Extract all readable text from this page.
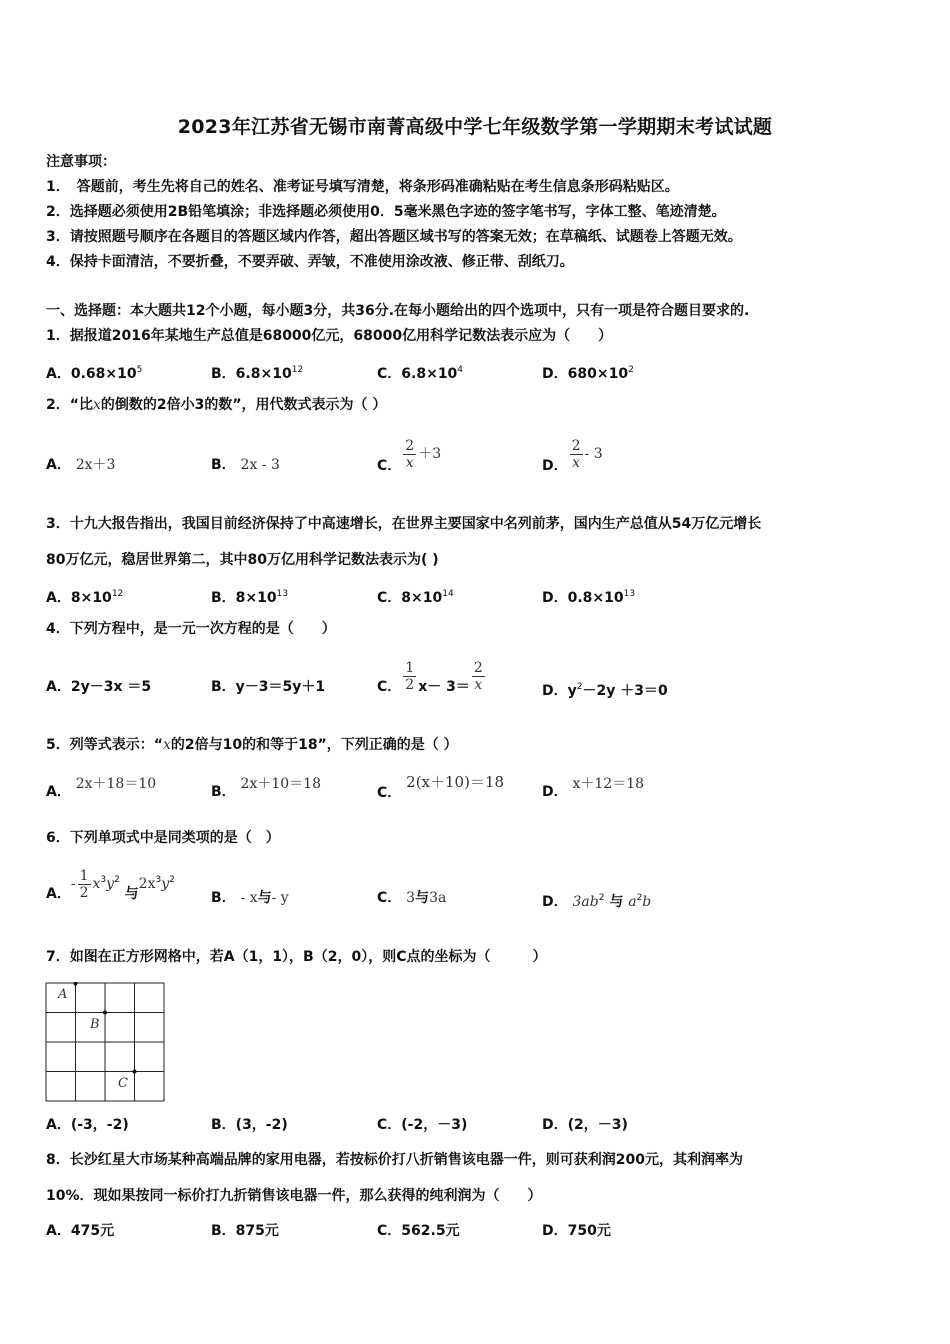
2023年江苏省无锡市南菁高级中学七年级数学第一学期期末考试试题
注意事项：
1．　答题前，考生先将自己的姓名、准考证号填写清楚，将条形码准确粘贴在考生信息条形码粘贴区。
2．选择题必须使用2B铅笔填涂；非选择题必须使用0．5毫米黑色字迹的签字笔书写，字体工整、笔迹清楚。
3．请按照题号顺序在各题目的答题区域内作答，超出答题区域书写的答案无效；在草稿纸、试题卷上答题无效。
4．保持卡面清洁，不要折叠，不要弄破、弄皱，不准使用涂改液、修正带、刮纸刀。
一、选择题：本大题共12个小题，每小题3分，共36分.在每小题给出的四个选项中，只有一项是符合题目要求的.
1．据报道2016年某地生产总值是68000亿元，68000亿用科学记数法表示应为（　　）
A．$0.68\times 10^5$	B．$6.8\times 10^{12}$	C．$6.8\times 10^4$	D．$680\times 10^2$
2．“比x的倒数的2倍小3的数”，用代数式表示为（ ）
A． 2x＋3	B． 2x - 3	C． $\frac{2}{x} +3$
D． $\frac{2}{x} - 3$
3．十九大报告指出，我国目前经济保持了中高速增长，在世界主要国家中名列前茅，国内生产总值从54万亿元增长
80万亿元，稳居世界第二，其中80万亿用科学记数法表示为( )
A．$8\times 10^{12}$	B．$8\times 10^{13}$	C．$8\times 10^{14}$	D．$0.8\times 10^{13}$
4．下列方程中，是一元一次方程的是（　　）
A．2y－3x ＝5	B．y－3＝5y＋1	C． $\frac{1}{2} x- 3= \frac{2}{x}$	D．$y^2-2y +3=0$
5．列等式表示：“x的2倍与10的和等于18”，下列正确的是（ ）
A． 2x＋18＝10	B． 2x＋10＝18
C． 2(x＋10)＝18
D． x＋12＝18
6．下列单项式中是同类项的是（　）
A．- $\frac{1}{2} x^3y^2$ 与$2x^3y^2$
B． - x与- y	C． 3与3a	D． $3ab^2$ 与 $a^2b$
7．如图在正方形网格中，若A（1，1），B（2，0），则C点的坐标为（　　　）
A
B
C
A．(-3，-2)	B．(3，-2)	C．(-2，－3)	D．(2，－3)
8．长沙红星大市场某种高端品牌的家用电器，若按标价打八折销售该电器一件，则可获利润200元，其利润率为
10%．现如果按同一标价打九折销售该电器一件，那么获得的纯利润为（　　）
A．475元	B．875元	C．562.5元	D．750元
